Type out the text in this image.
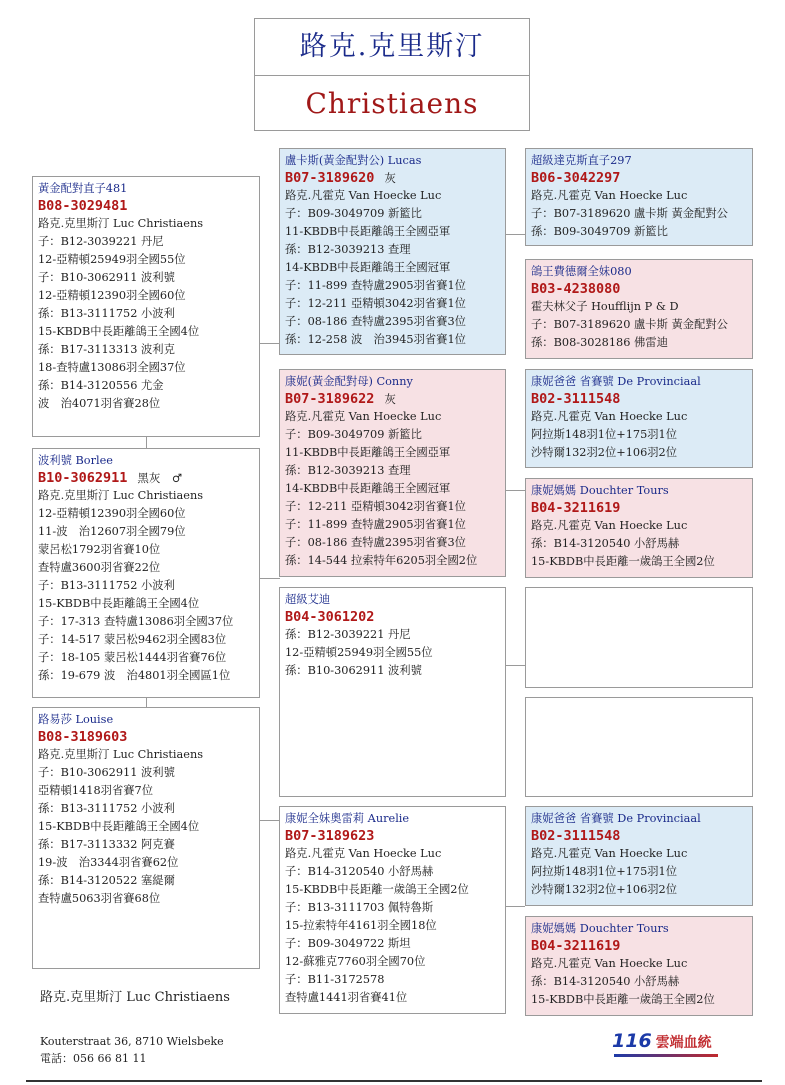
路克.克里斯汀
Christiaens
黃金配對直子481
B08-3029481
路克.克里斯汀 Luc Christiaens
子：B12-3039221 丹尼
12-亞精頓25949羽全國55位
子：B10-3062911 波利號
12-亞精頓12390羽全國60位
孫：B13-3111752 小波利
15-KBDB中長距離鴿王全國4位
孫：B17-3113313 波利克
18-查特盧13086羽全國37位
孫：B14-3120556 尤金
波　治4071羽省賽28位
波利號 Borlee
B10-3062911 黑灰　♂
路克.克里斯汀 Luc Christiaens
12-亞精頓12390羽全國60位
11-波　治12607羽全國79位
蒙呂松1792羽省賽10位
查特盧3600羽省賽22位
子：B13-3111752 小波利
15-KBDB中長距離鴿王全國4位
子：17-313 查特盧13086羽全國37位
子：14-517 蒙呂松9462羽全國83位
子：18-105 蒙呂松1444羽省賽76位
孫：19-679 波　治4801羽全國區1位
路易莎 Louise
B08-3189603
路克.克里斯汀 Luc Christiaens
子：B10-3062911 波利號
亞精頓1418羽省賽7位
孫：B13-3111752 小波利
15-KBDB中長距離鴿王全國4位
孫：B17-3113332 阿克賽
19-波　治3344羽省賽62位
孫：B14-3120522 塞緹爾
查特盧5063羽省賽68位
盧卡斯(黃金配對公) Lucas
B07-3189620 灰
路克.凡霍克 Van Hoecke Luc
子：B09-3049709 新籃比
11-KBDB中長距離鴿王全國亞軍
孫：B12-3039213 查理
14-KBDB中長距離鴿王全國冠軍
子：11-899 查特盧2905羽省賽1位
子：12-211 亞精頓3042羽省賽1位
子：08-186 查特盧2395羽省賽3位
孫：12-258 波　治3945羽省賽1位
康妮(黃金配對母) Conny
B07-3189622 灰
路克.凡霍克 Van Hoecke Luc
子：B09-3049709 新籃比
11-KBDB中長距離鴿王全國亞軍
孫：B12-3039213 查理
14-KBDB中長距離鴿王全國冠軍
子：12-211 亞精頓3042羽省賽1位
子：11-899 查特盧2905羽省賽1位
子：08-186 查特盧2395羽省賽3位
孫：14-544 拉索特年6205羽全國2位
超級艾迪
B04-3061202
孫：B12-3039221 丹尼
12-亞精頓25949羽全國55位
孫：B10-3062911 波利號
康妮全妹奧雷莉 Aurelie
B07-3189623
路克.凡霍克 Van Hoecke Luc
子：B14-3120540 小舒馬赫
15-KBDB中長距離一歲鴿王全國2位
子：B13-3111703 佩特魯斯
15-拉索特年4161羽全國18位
子：B09-3049722 斯坦
12-蘇雅克7760羽全國70位
子：B11-3172578
查特盧1441羽省賽41位
超級達克斯直子297
B06-3042297
路克.凡霍克 Van Hoecke Luc
子：B07-3189620 盧卡斯 黃金配對公
孫：B09-3049709 新籃比
鴿王費德爾全妹080
B03-4238080
霍夫林父子 Houfflijn P & D
子：B07-3189620 盧卡斯 黃金配對公
孫：B08-3028186 佛雷迪
康妮爸爸 省賽號 De Provinciaal
B02-3111548
路克.凡霍克 Van Hoecke Luc
阿拉斯148羽1位+175羽1位
沙特爾132羽2位+106羽2位
康妮媽媽 Douchter Tours
B04-3211619
路克.凡霍克 Van Hoecke Luc
孫：B14-3120540 小舒馬赫
15-KBDB中長距離一歲鴿王全國2位
康妮爸爸 省賽號 De Provinciaal
B02-3111548
路克.凡霍克 Van Hoecke Luc
阿拉斯148羽1位+175羽1位
沙特爾132羽2位+106羽2位
康妮媽媽 Douchter Tours
B04-3211619
路克.凡霍克 Van Hoecke Luc
孫：B14-3120540 小舒馬赫
15-KBDB中長距離一歲鴿王全國2位
路克.克里斯汀 Luc Christiaens
Kouterstraat 36, 8710 Wielsbeke
電話：056 66 81 11
116 雲端血統
